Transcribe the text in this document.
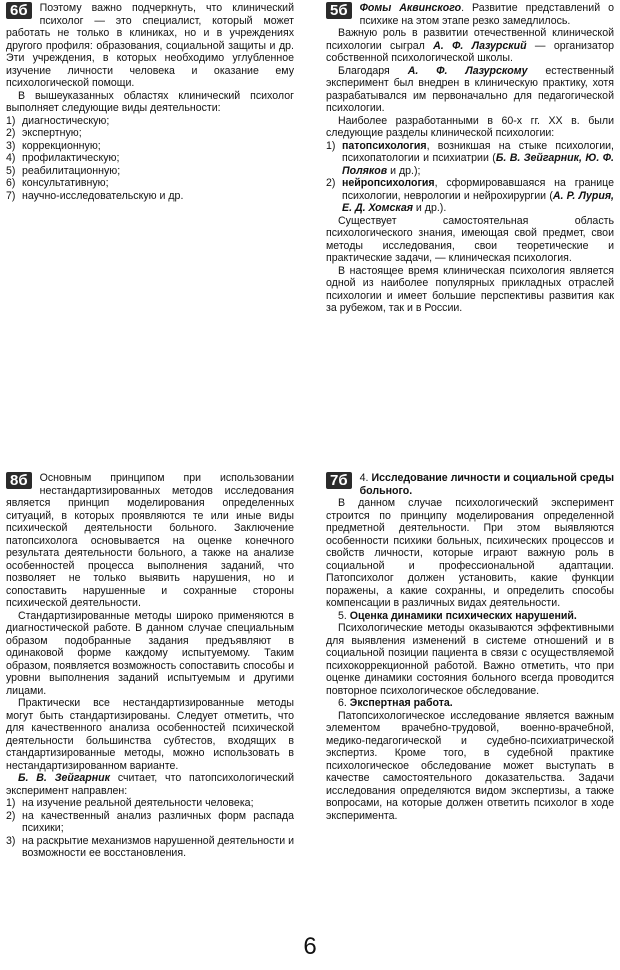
6б	Поэтому важно подчеркнуть, что клинический психолог — это специалист, который может работать не только в клиниках, но и в учреждениях другого профиля: образования, социальной защиты и др. Эти учреждения, в которых необходимо углубленное изучение личности человека и оказание ему психологической помощи.

В вышеуказанных областях клинический психолог выполняет следующие виды деятельности:

1) диагностическую;
2) экспертную;
3) коррекционную;
4) профилактическую;
5) реабилитационную;
6) консультативную;
7) научно-исследовательскую и др.

5б	Фомы Аквинского. Развитие представлений о психике на этом этапе резко замедлилось.

Важную роль в развитии отечественной клинической психологии сыграл А. Ф. Лазурский — организатор собственной психологической школы.

Благодаря А. Ф. Лазурскому естественный эксперимент был внедрен в клиническую практику, хотя разрабатывался им первоначально для педагогической психологии.

Наиболее разработанными в 60-х гг. XX в. были следующие разделы клинической психологии:

1) патопсихология, возникшая на стыке психологии, психопатологии и психиатрии (Б. В. Зейгарник, Ю. Ф. Поляков и др.);
2) нейропсихология, сформировавшаяся на границе психологии, неврологии и нейрохирургии (А. Р. Лурия, Е. Д. Хомская и др.).

Существует самостоятельная область психологического знания, имеющая свой предмет, свои методы исследования, свои теоретические и практические задачи, — клиническая психология.

В настоящее время клиническая психология является одной из наиболее популярных прикладных отраслей психологии и имеет большие перспективы развития как за рубежом, так и в России.

8б	Основным принципом при использовании нестандартизированных методов исследования является принцип моделирования определенных ситуаций, в которых проявляются те или иные виды психической деятельности больного. Заключение патопсихолога основывается на оценке конечного результата деятельности больного, а также на анализе особенностей процесса выполнения заданий, что позволяет не только выявить нарушения, но и сопоставить нарушенные и сохранные стороны психической деятельности.

Стандартизированные методы широко применяются в диагностической работе. В данном случае специальным образом подобранные задания предъявляют в одинаковой форме каждому испытуемому. Таким образом, появляется возможность сопоставить способы и уровни выполнения заданий испытуемым и другими лицами.

Практически все нестандартизированные методы могут быть стандартизированы. Следует отметить, что для качественного анализа особенностей психической деятельности большинства субтестов, входящих в стандартизированные методы, можно использовать в нестандартизированном варианте.

Б. В. Зейгарник считает, что патопсихологический эксперимент направлен:

1) на изучение реальной деятельности человека;
2) на качественный анализ различных форм распада психики;
3) на раскрытие механизмов нарушенной деятельности и возможности ее восстановления.

7б	4. Исследование личности и социальной среды больного.

В данном случае психологический эксперимент строится по принципу моделирования определенной предметной деятельности. При этом выявляются особенности психики больных, психических процессов и свойств личности, которые играют важную роль в социальной и профессиональной адаптации. Патопсихолог должен установить, какие функции поражены, а какие сохранны, и определить способы компенсации в различных видах деятельности.

5. Оценка динамики психических нарушений.

Психологические методы оказываются эффективными для выявления изменений в системе отношений и в социальной позиции пациента в связи с осуществляемой психокоррекционной работой. Важно отметить, что при оценке динамики состояния больного всегда проводится повторное психологическое обследование.

6. Экспертная работа.

Патопсихологическое исследование является важным элементом врачебно-трудовой, военно-врачебной, медико-педагогической и судебно-психиатрической экспертиз. Кроме того, в судебной практике психологическое обследование может выступать в качестве самостоятельного доказательства. Задачи исследования определяются видом экспертизы, а также вопросами, на которые должен ответить психолог в ходе эксперимента.

6
